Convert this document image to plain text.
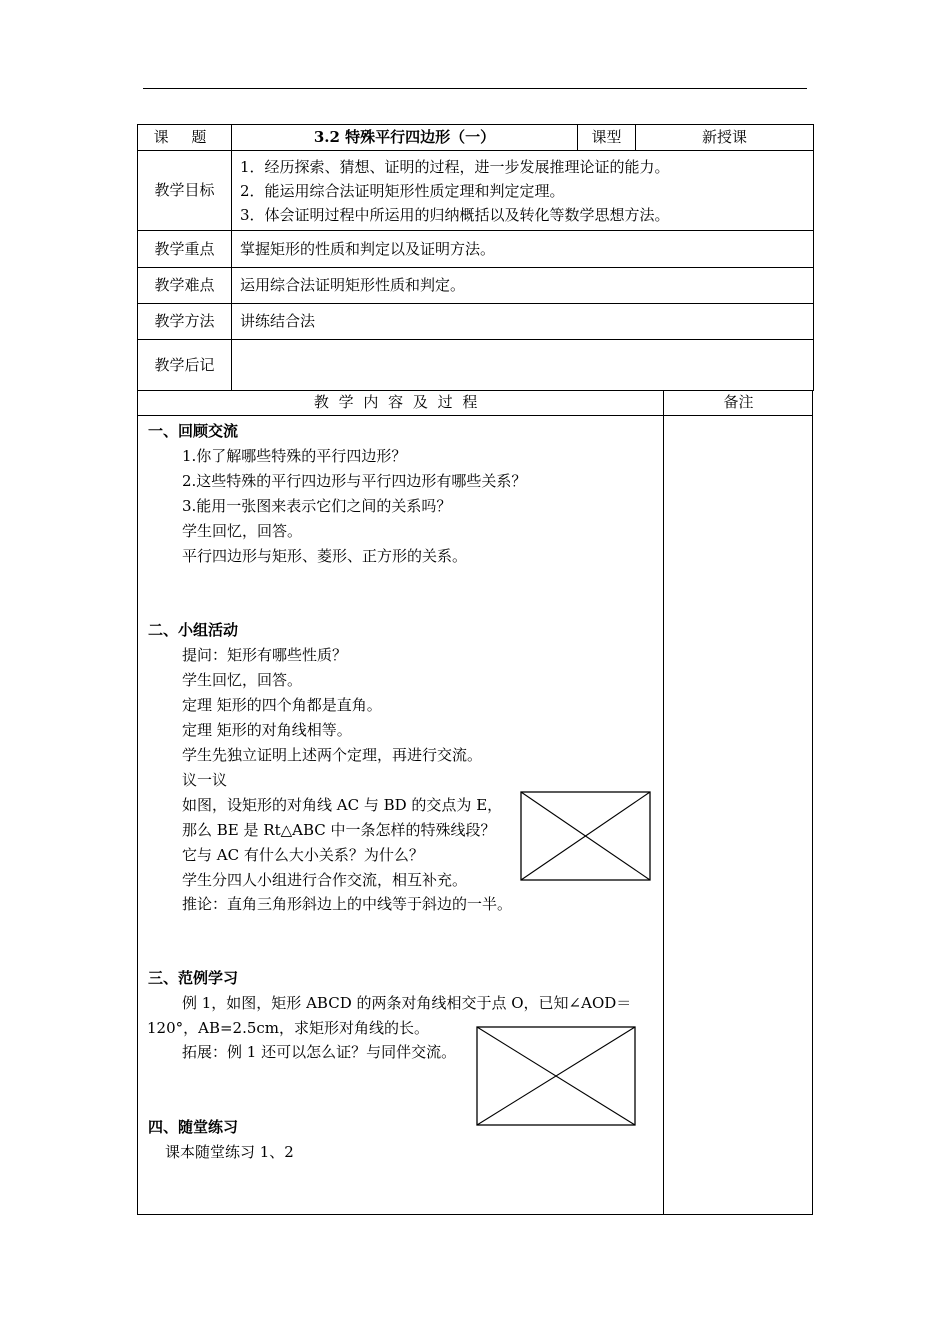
课 题	3.2 特殊平行四边形（一）	课型	新授课
教学目标	1．经历探索、猜想、证明的过程，进一步发展推理论证的能力。
2．能运用综合法证明矩形性质定理和判定定理。
3．体会证明过程中所运用的归纳概括以及转化等数学思想方法。		

教学重点	掌握矩形的性质和判定以及证明方法。		
教学难点	运用综合法证明矩形性质和判定。		
教学方法	讲练结合法		
教学后记			
教学内容及过程	备注
一、回顾交流
1.你了解哪些特殊的平行四边形？
2.这些特殊的平行四边形与平行四边形有哪些关系？
3.能用一张图来表示它们之间的关系吗？
学生回忆，回答。
平行四边形与矩形、菱形、正方形的关系。
二、小组活动
提问：矩形有哪些性质？
学生回忆，回答。
定理 矩形的四个角都是直角。
定理 矩形的对角线相等。
学生先独立证明上述两个定理，再进行交流。
议一议
如图，设矩形的对角线 AC 与 BD 的交点为 E，
那么 BE 是 Rt△ABC 中一条怎样的特殊线段？
它与 AC 有什么大小关系？为什么？
学生分四人小组进行合作交流，相互补充。
推论：直角三角形斜边上的中线等于斜边的一半。
三、范例学习
例 1，如图，矩形 ABCD 的两条对角线相交于点 O，已知∠AOD＝
120°，AB=2.5cm，求矩形对角线的长。
拓展：例 1 还可以怎么证？与同伴交流。
四、随堂练习
课本随堂练习 1、2
